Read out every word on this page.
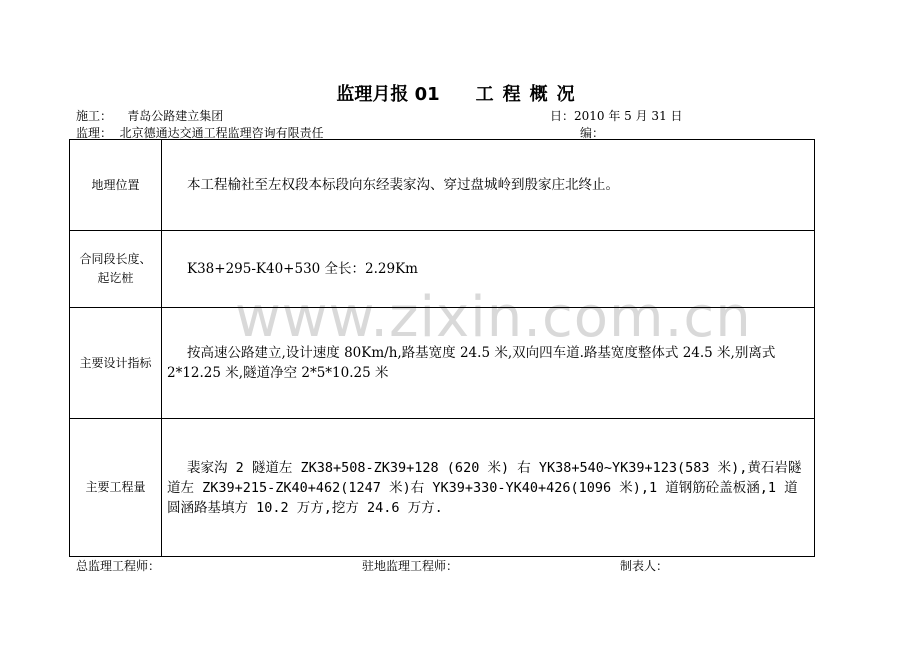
www.zixin.com.cn
监理月报 01 工程概况
施工： 青岛公路建立集团	日：2010 年 5 月 31 日
监理： 北京德通达交通工程监理咨询有限责任	编：
地理位置	本工程榆社至左权段本标段向东经裴家沟、穿过盘城岭到殷家庄北终止。

合同段长度、
起讫桩	K38+295-K40+530 全长：2.29Km
主要设计指标	按高速公路建立,设计速度 80Km/h,路基宽度 24.5 米,双向四车道.路基宽度整体式 24.5 米,别离式 2*12.25 米,隧道净空 2*5*10.25 米
主要工程量	裴家沟 2 隧道左 ZK38+508-ZK39+128 (620 米) 右 YK38+540~YK39+123(583 米),黄石岩隧道左 ZK39+215-ZK40+462(1247 米)右 YK39+330-YK40+426(1096 米),1 道钢筋砼盖板涵,1 道圆涵路基填方 10.2 万方,挖方 24.6 万方.
总监理工程师：	驻地监理工程师：	制表人：
